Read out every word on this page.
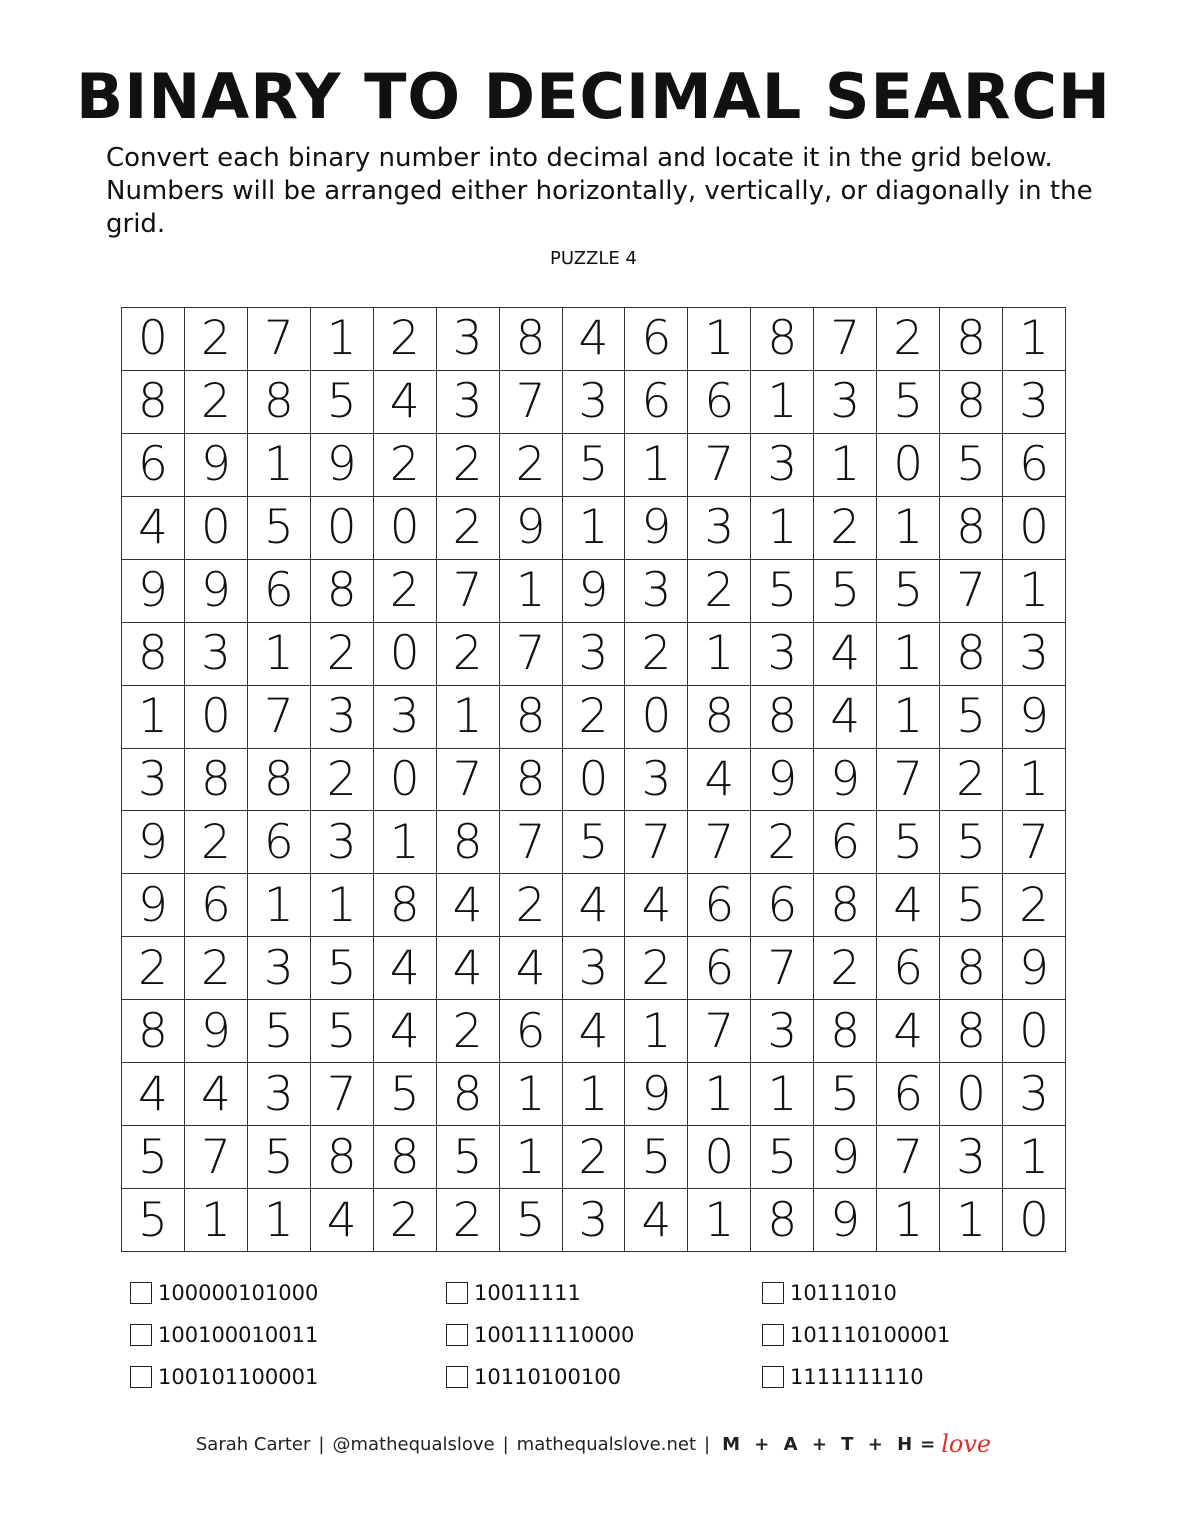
BINARY TO DECIMAL SEARCH

Convert each binary number into decimal and locate it in the grid below. Numbers will be arranged either horizontally, vertically, or diagonally in the grid.

PUZZLE 4
0 2 7 1 2 3 8 4 6 1 8 7 2 8 1
8 2 8 5 4 3 7 3 6 6 1 3 5 8 3
6 9 1 9 2 2 2 5 1 7 3 1 0 5 6
4 0 5 0 0 2 9 1 9 3 1 2 1 8 0
9 9 6 8 2 7 1 9 3 2 5 5 5 7 1
8 3 1 2 0 2 7 3 2 1 3 4 1 8 3
1 0 7 3 3 1 8 2 0 8 8 4 1 5 9
3 8 8 2 0 7 8 0 3 4 9 9 7 2 1
9 2 6 3 1 8 7 5 7 7 2 6 5 5 7
9 6 1 1 8 4 2 4 4 6 6 8 4 5 2
2 2 3 5 4 4 4 3 2 6 7 2 6 8 9
8 9 5 5 4 2 6 4 1 7 3 8 4 8 0
4 4 3 7 5 8 1 1 9 1 1 5 6 0 3
5 7 5 8 8 5 1 2 5 0 5 9 7 3 1
5 1 1 4 2 2 5 3 4 1 8 9 1 1 0
100000101000	10011111	10111010
100100010011	100111110000	101110100001
100101100001	10110100100	1111111110
Sarah Carter | @mathequalslove | mathequalslove.net | M + A + T + H = love
